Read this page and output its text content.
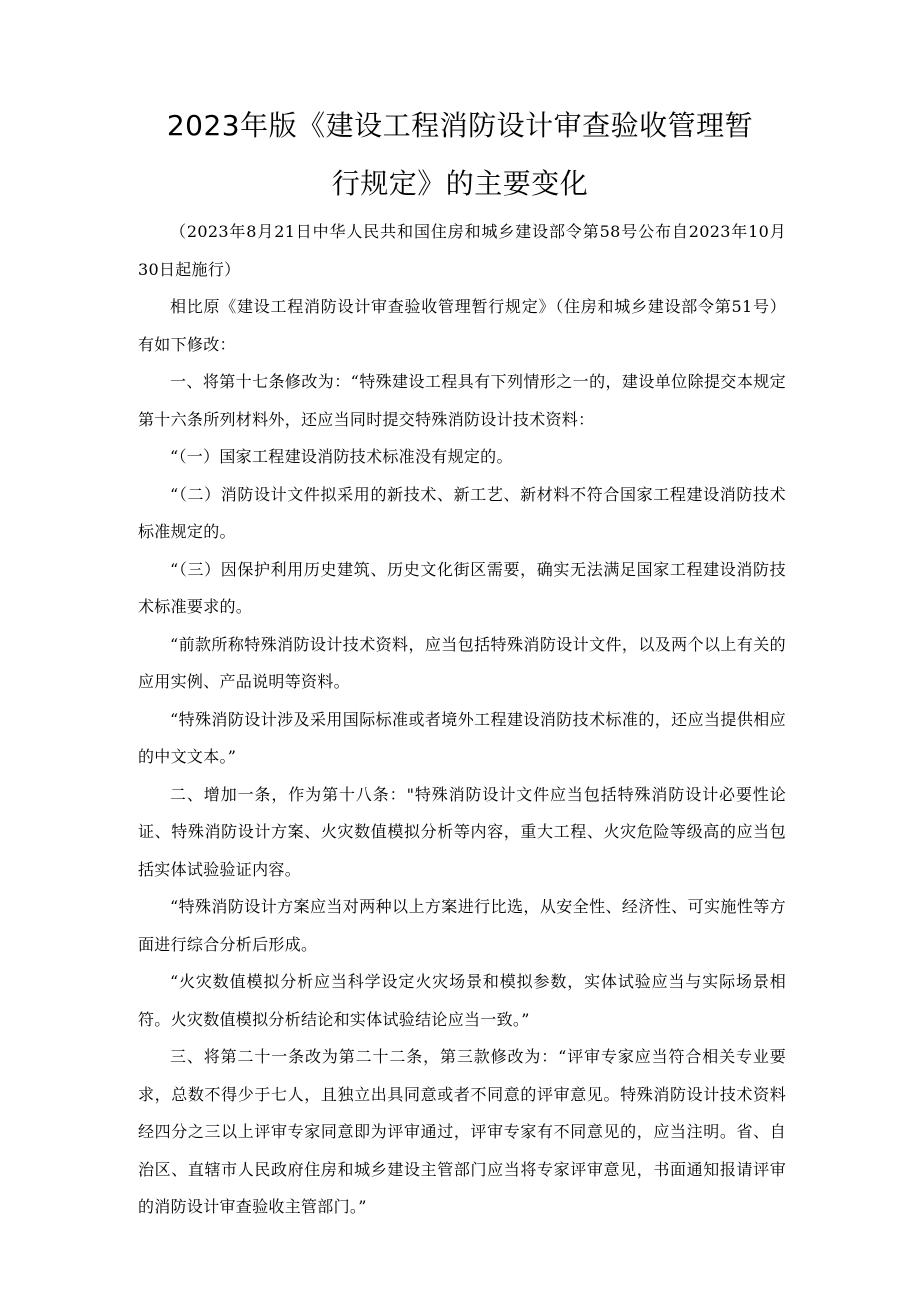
2023年版《建设工程消防设计审查验收管理暂
行规定》的主要变化

（2023年8月21日中华人民共和国住房和城乡建设部令第58号公布自2023年10月30日起施行）

相比原《建设工程消防设计审查验收管理暂行规定》（住房和城乡建设部令第51号）有如下修改：

一、将第十七条修改为：“特殊建设工程具有下列情形之一的，建设单位除提交本规定第十六条所列材料外，还应当同时提交特殊消防设计技术资料：

“（一）国家工程建设消防技术标准没有规定的。

“（二）消防设计文件拟采用的新技术、新工艺、新材料不符合国家工程建设消防技术标准规定的。

“（三）因保护利用历史建筑、历史文化街区需要，确实无法满足国家工程建设消防技术标准要求的。

“前款所称特殊消防设计技术资料，应当包括特殊消防设计文件，以及两个以上有关的应用实例、产品说明等资料。

“特殊消防设计涉及采用国际标准或者境外工程建设消防技术标准的，还应当提供相应的中文文本。”

二、增加一条，作为第十八条："特殊消防设计文件应当包括特殊消防设计必要性论证、特殊消防设计方案、火灾数值模拟分析等内容，重大工程、火灾危险等级高的应当包括实体试验验证内容。

“特殊消防设计方案应当对两种以上方案进行比选，从安全性、经济性、可实施性等方面进行综合分析后形成。

“火灾数值模拟分析应当科学设定火灾场景和模拟参数，实体试验应当与实际场景相符。火灾数值模拟分析结论和实体试验结论应当一致。”

三、将第二十一条改为第二十二条，第三款修改为：“评审专家应当符合相关专业要求，总数不得少于七人，且独立出具同意或者不同意的评审意见。特殊消防设计技术资料经四分之三以上评审专家同意即为评审通过，评审专家有不同意见的，应当注明。省、自治区、直辖市人民政府住房和城乡建设主管部门应当将专家评审意见，书面通知报请评审的消防设计审查验收主管部门。”
